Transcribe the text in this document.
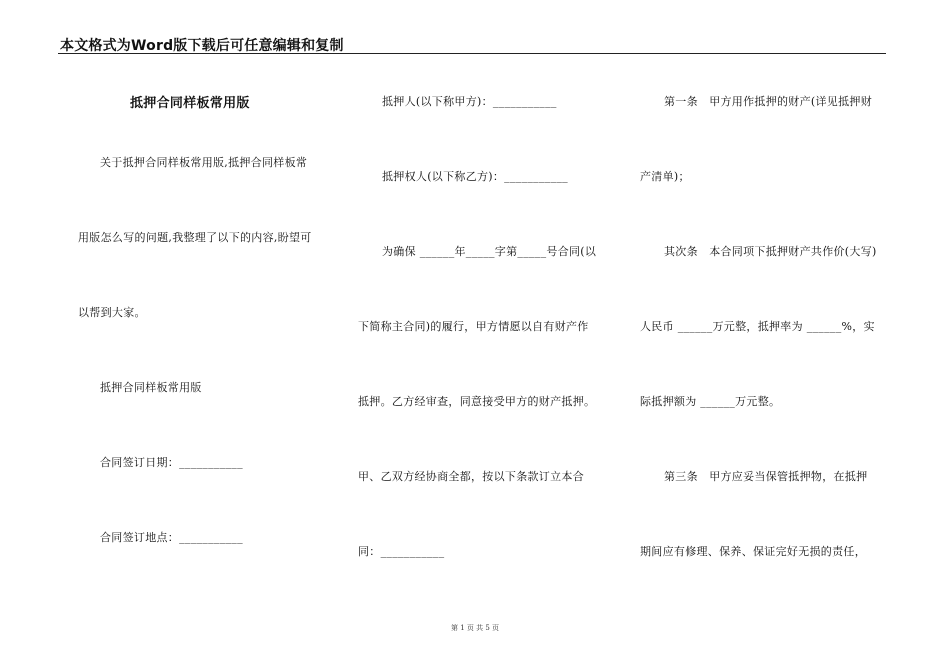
本文格式为Word版下载后可任意编辑和复制
抵押合同样板常用版
关于抵押合同样板常用版,抵押合同样板常
用版怎么写的问题,我整理了以下的内容,盼望可
以帮到大家。
抵押合同样板常用版
合同签订日期：___________
合同签订地点：___________
抵押人(以下称甲方)：___________
抵押权人(以下称乙方)：___________
为确保 ______年_____字第_____号合同(以
下简称主合同)的履行，甲方情愿以自有财产作
抵押。乙方经审查，同意接受甲方的财产抵押。
甲、乙双方经协商全都，按以下条款订立本合
同：___________
第一条　甲方用作抵押的财产(详见抵押财
产清单)；
其次条　本合同项下抵押财产共作价(大写)
人民币 ______万元整，抵押率为 ______%，实
际抵押额为 ______万元整。
第三条　甲方应妥当保管抵押物，在抵押
期间应有修理、保养、保证完好无损的责任，
第 1 页 共 5 页
